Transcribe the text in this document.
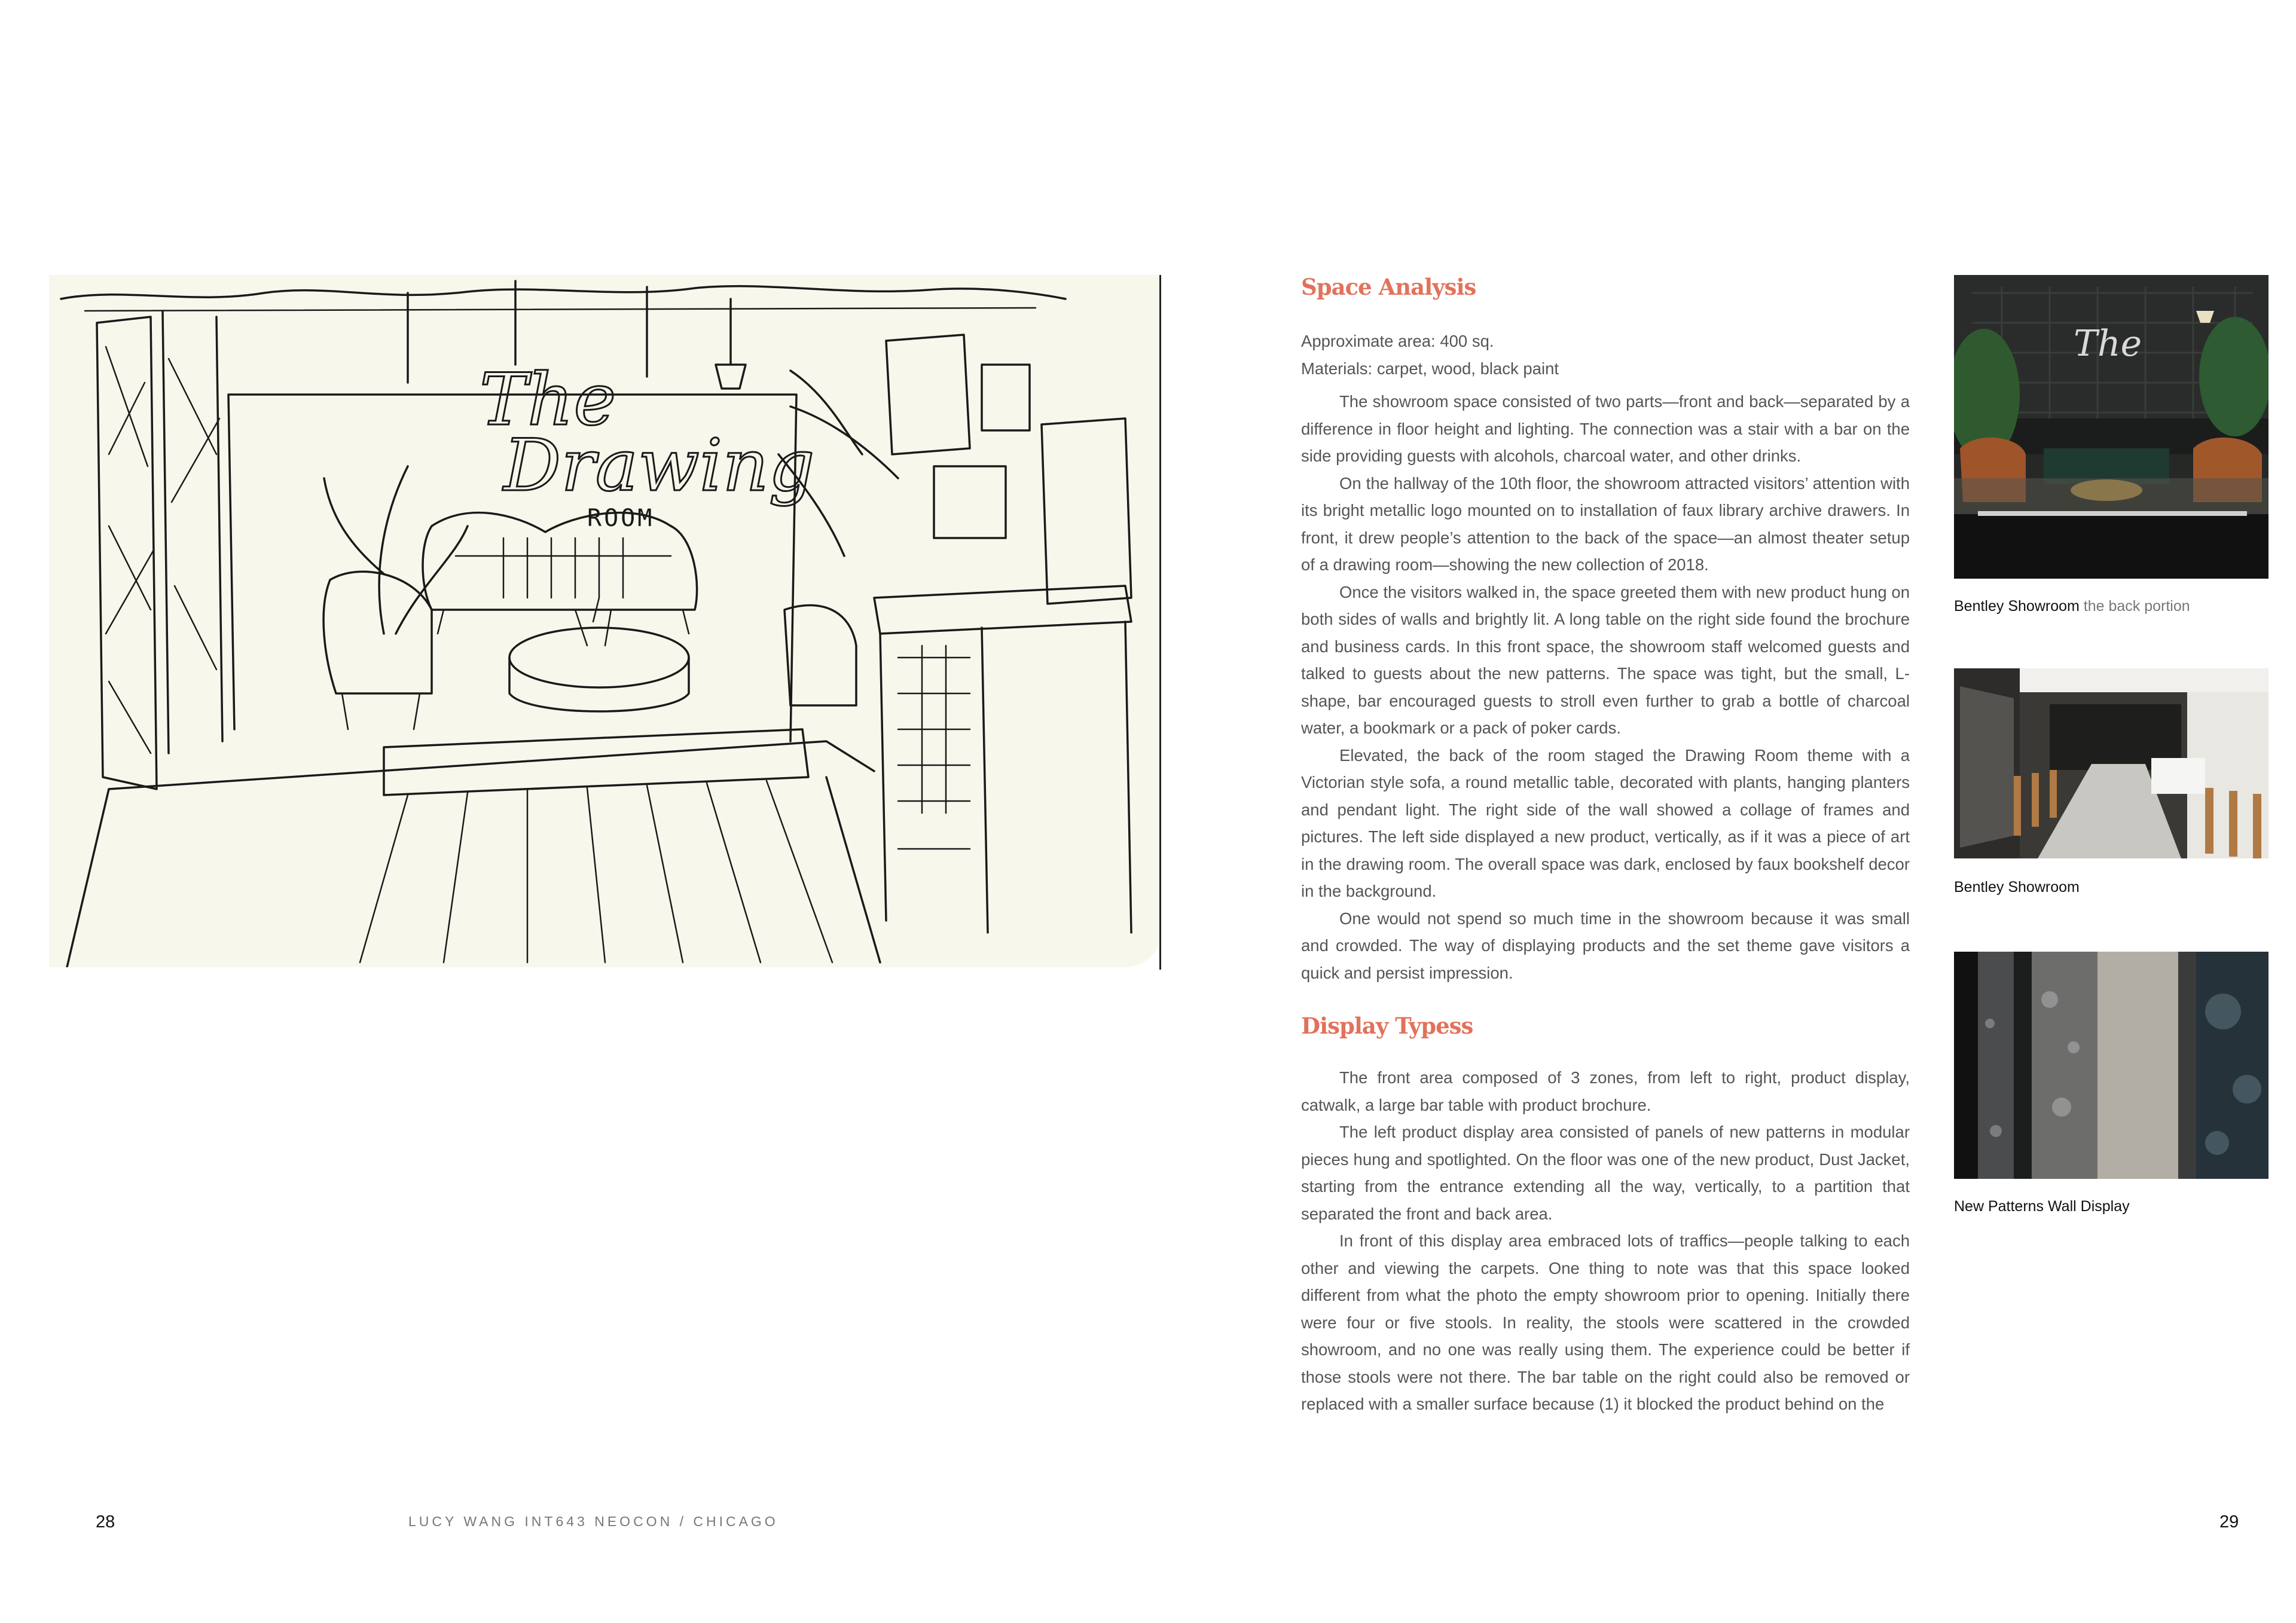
The
Drawing
ROOM
Space Analysis

Approximate area: 400 sq.

Materials: carpet, wood, black paint

The showroom space consisted of two parts—front and back—separated by a difference in floor height and lighting. The connection was a stair with a bar on the side providing guests with alcohols, charcoal water, and other drinks.

On the hallway of the 10th floor, the showroom attracted visitors’ attention with its bright metallic logo mounted on to installation of faux library archive drawers. In front, it drew people’s attention to the back of the space—an almost theater setup of a drawing room—showing the new collection of 2018.

Once the visitors walked in, the space greeted them with new product hung on both sides of walls and brightly lit. A long table on the right side found the brochure and business cards. In this front space, the showroom staff welcomed guests and talked to guests about the new patterns. The space was tight, but the small, L-shape, bar encouraged guests to stroll even further to grab a bottle of charcoal water, a bookmark or a pack of poker cards.

Elevated, the back of the room staged the Drawing Room theme with a Victorian style sofa, a round metallic table, decorated with plants, hanging planters and pendant light. The right side of the wall showed a collage of frames and pictures. The left side displayed a new product, vertically, as if it was a piece of art in the drawing room. The overall space was dark, enclosed by faux bookshelf decor in the background.

One would not spend so much time in the showroom because it was small and crowded. The way of displaying products and the set theme gave visitors a quick and persist impression.

Display Typess

The front area composed of 3 zones, from left to right, product display, catwalk, a large bar table with product brochure.

The left product display area consisted of panels of new patterns in modular pieces hung and spotlighted. On the floor was one of the new product, Dust Jacket, starting from the entrance extending all the way, vertically, to a partition that separated the front and back area.

In front of this display area embraced lots of traffics—people talking to each other and viewing the carpets. One thing to note was that this space looked different from what the photo the empty showroom prior to opening. Initially there were four or five stools. In reality, the stools were scattered in the crowded showroom, and no one was really using them. The experience could be better if those stools were not there. The bar table on the right could also be removed or replaced with a smaller surface because (1) it blocked the product behind on the

The
Bentley Showroom the back portion
Bentley Showroom
New Patterns Wall Display
28	LUCY WANG INT643 NEOCON / CHICAGO	29
